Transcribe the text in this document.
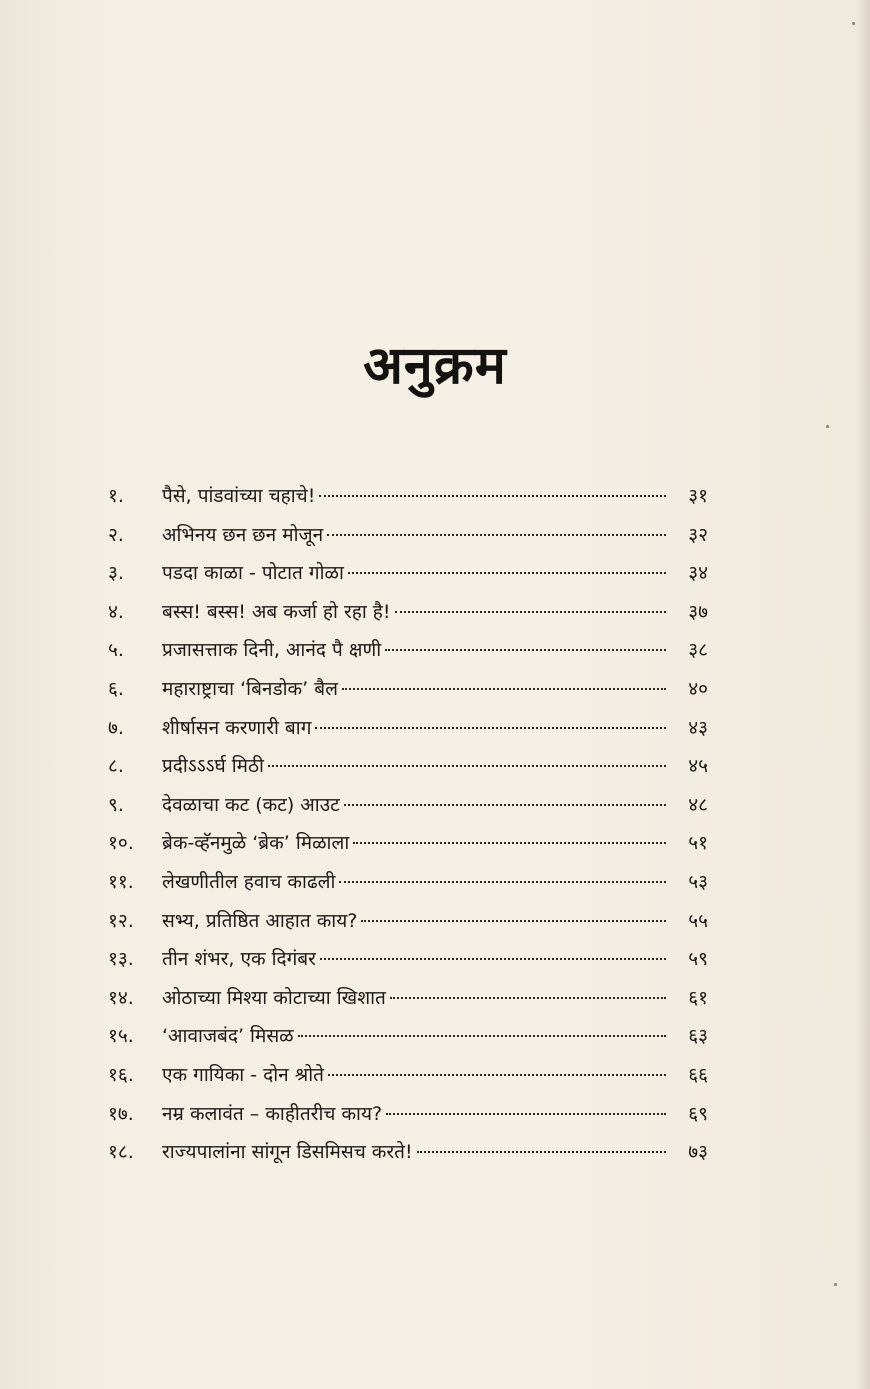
अनुक्रम
१.	पैसे, पांडवांच्या चहाचे!	३१
२.	अभिनय छन छन मोजून	३२
३.	पडदा काळा - पोटात गोळा	३४
४.	बस्स! बस्स! अब कर्जा हो रहा है!	३७
५.	प्रजासत्ताक दिनी, आनंद पै क्षणी	३८
६.	महाराष्ट्राचा ‘बिनडोक’ बैल	४०
७.	शीर्षासन करणारी बाग	४३
८.	प्रदीऽऽऽर्घ मिठी	४५
९.	देवळाचा कट (कट) आउट	४८
१०.	ब्रेक-व्हॅनमुळे ‘ब्रेक’ मिळाला	५१
११.	लेखणीतील हवाच काढली	५३
१२.	सभ्य, प्रतिष्ठित आहात काय?	५५
१३.	तीन शंभर, एक दिगंबर	५९
१४.	ओठाच्या मिश्या कोटाच्या खिशात	६१
१५.	‘आवाजबंद’ मिसळ	६३
१६.	एक गायिका - दोन श्रोते	६६
१७.	नम्र कलावंत – काहीतरीच काय?	६९
१८.	राज्यपालांना सांगून डिसमिसच करते!	७३
